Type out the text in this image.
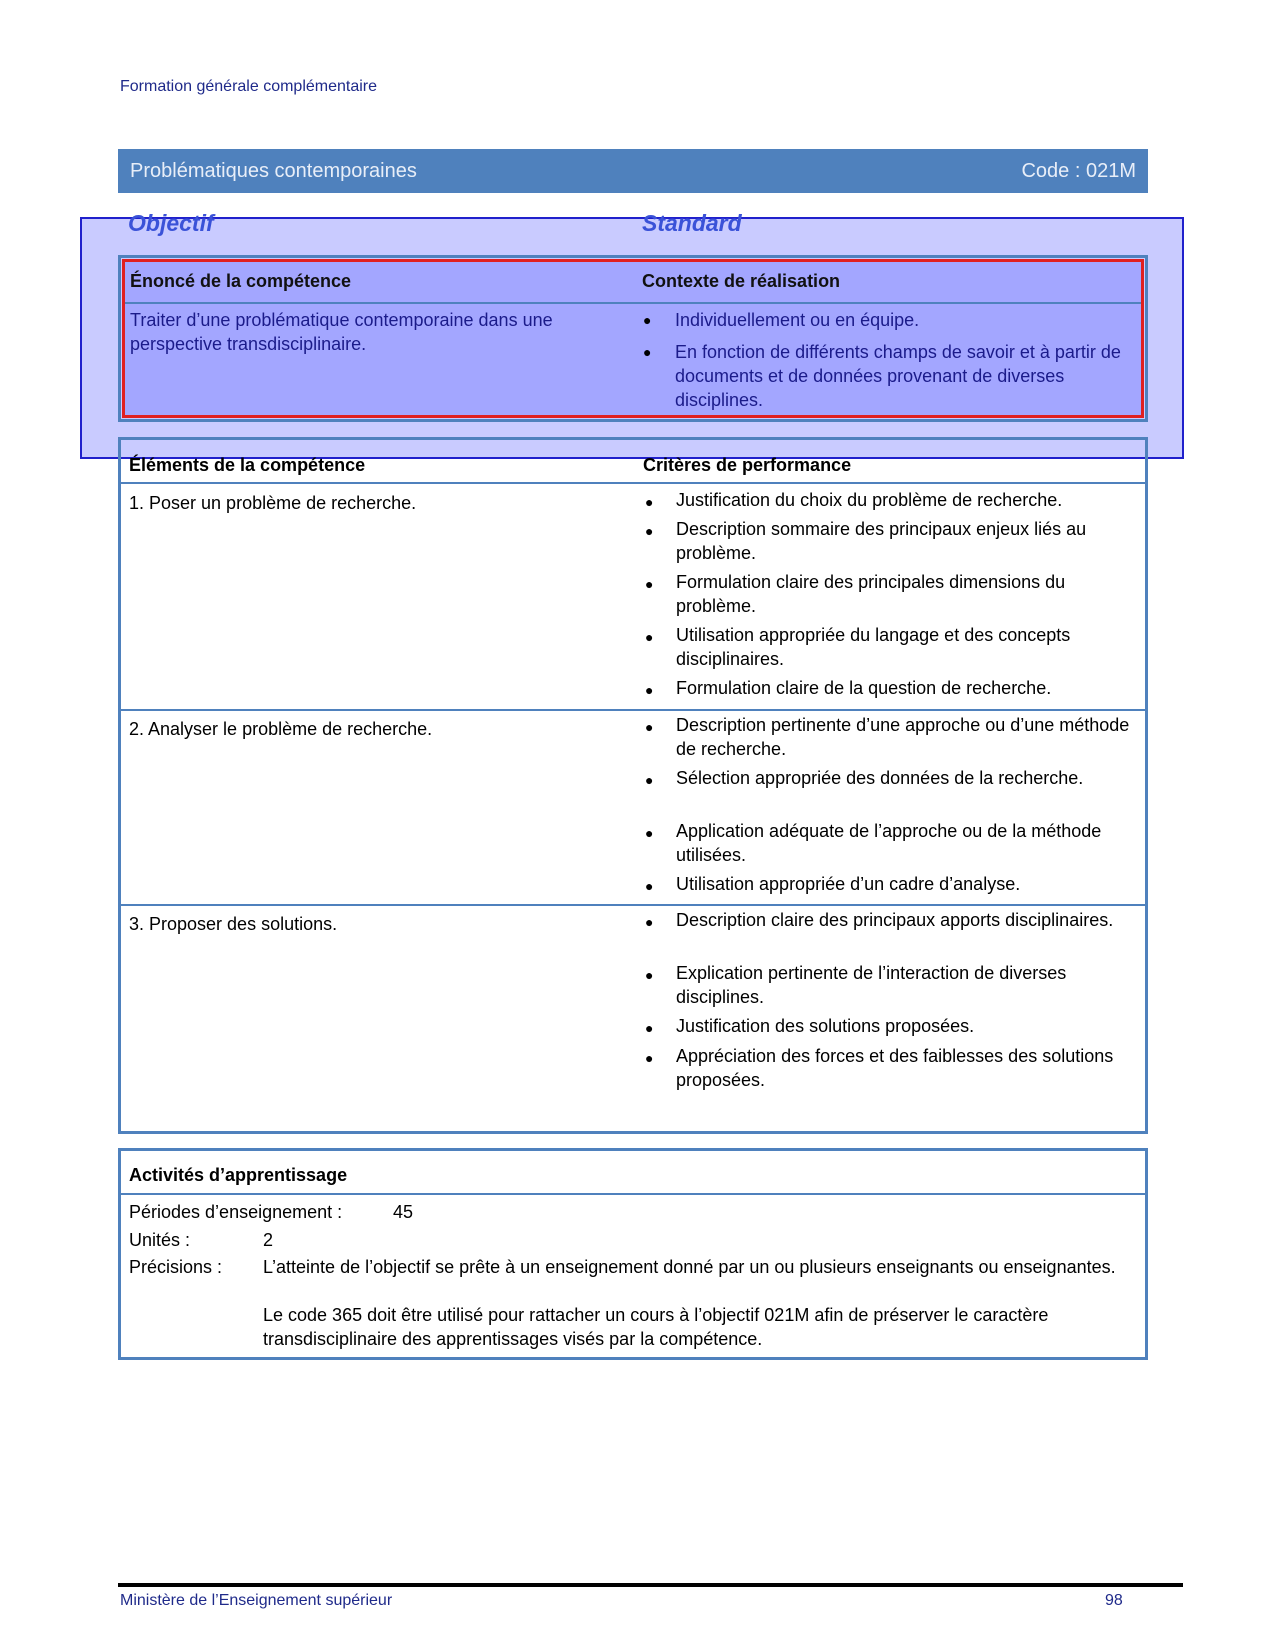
Formation générale complémentaire
Problématiques contemporaines	Code : 021M
Objectif	Standard
Énoncé de la compétence	Contexte de réalisation
Traiter d’une problématique contemporaine dans une perspective transdisciplinaire.
● Individuellement ou en équipe.
● En fonction de différents champs de savoir et à partir de documents et de données provenant de diverses disciplines.
Éléments de la compétence	Critères de performance
1. Poser un problème de recherche.	● Justification du choix du problème de recherche.
● Description sommaire des principaux enjeux liés au problème.
● Formulation claire des principales dimensions du problème.
● Utilisation appropriée du langage et des concepts disciplinaires.
● Formulation claire de la question de recherche.
2. Analyser le problème de recherche.	● Description pertinente d’une approche ou d’une méthode de recherche.
● Sélection appropriée des données de la recherche.
● Application adéquate de l’approche ou de la méthode utilisées.
● Utilisation appropriée d’un cadre d’analyse.
3. Proposer des solutions.	● Description claire des principaux apports disciplinaires.
● Explication pertinente de l’interaction de diverses disciplines.
● Justification des solutions proposées.
● Appréciation des forces et des faiblesses des solutions proposées.
Activités d’apprentissage
Périodes d’enseignement :	45
Unités :	2
Précisions : L’atteinte de l’objectif se prête à un enseignement donné par un ou plusieurs enseignants ou enseignantes.
Le code 365 doit être utilisé pour rattacher un cours à l’objectif 021M afin de préserver le caractère transdisciplinaire des apprentissages visés par la compétence.
Ministère de l’Enseignement supérieur	98
